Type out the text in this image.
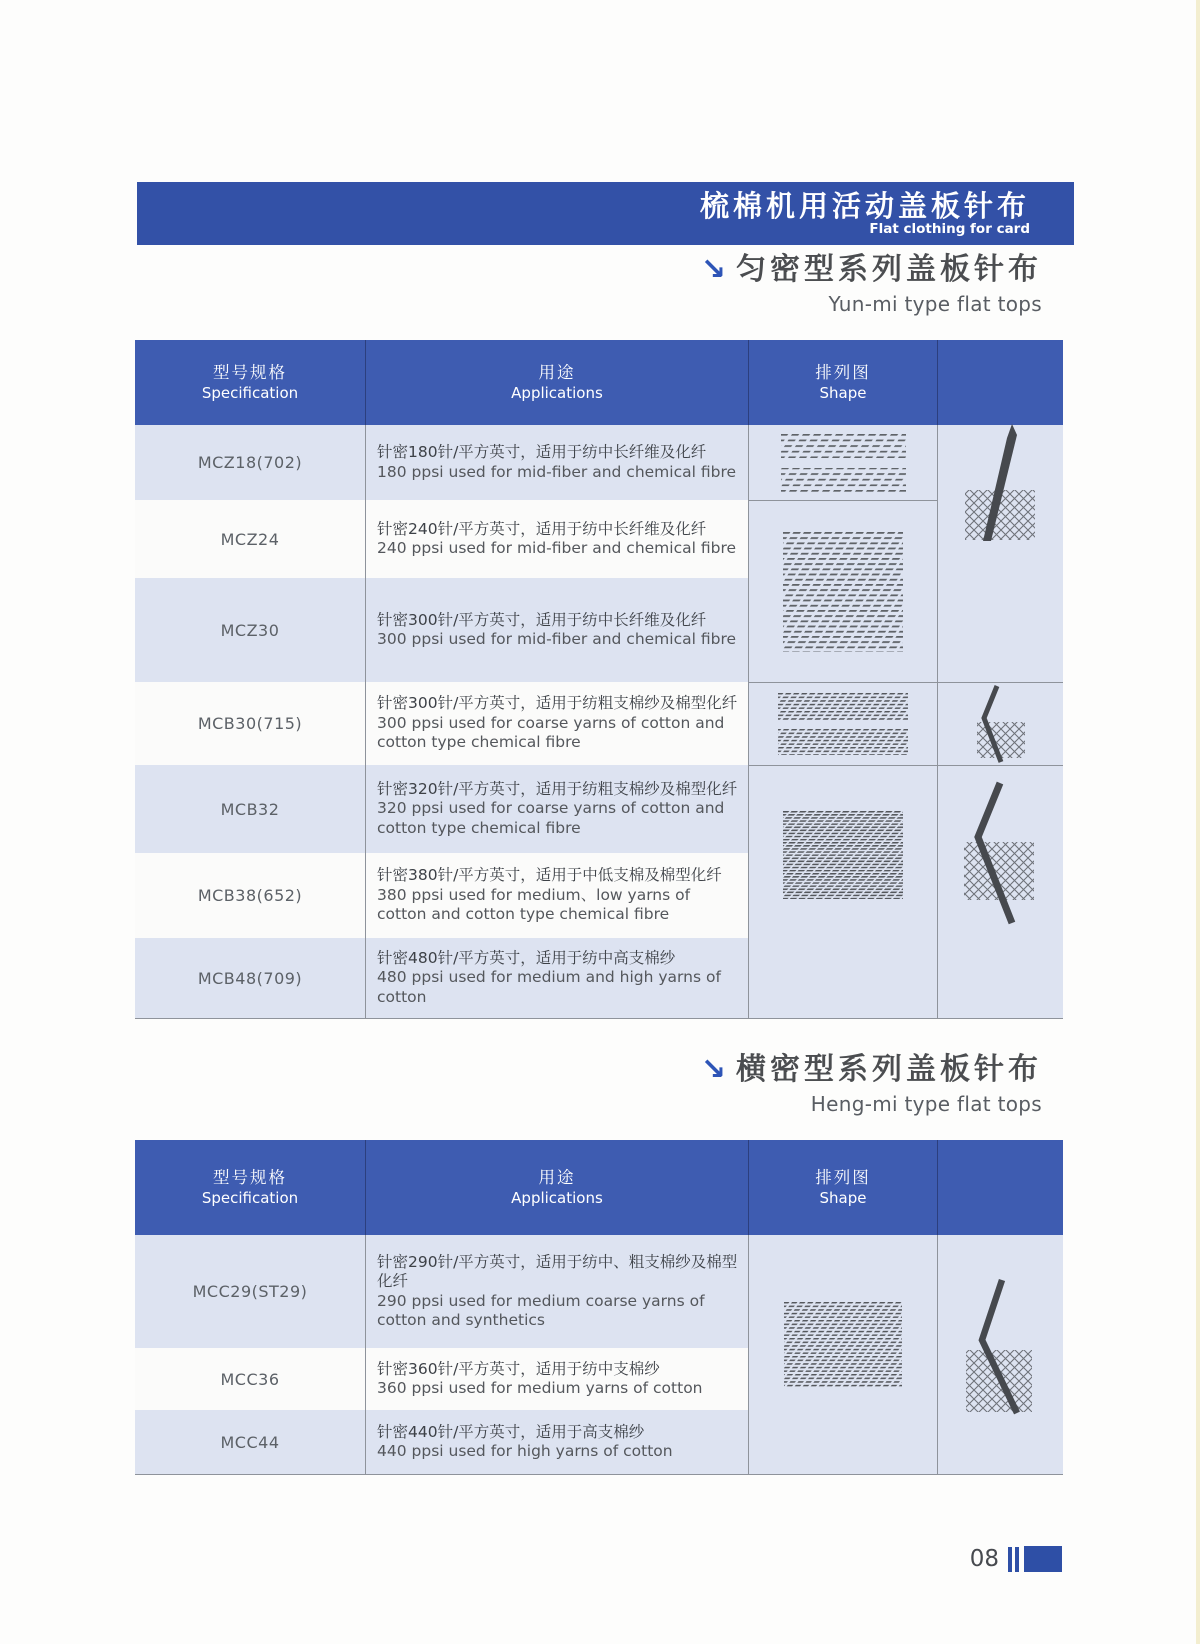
梳棉机用活动盖板针布
Flat clothing for card
↘ 匀密型系列盖板针布
Yun-mi type flat tops
型号规格
Specification
用途
Applications
排列图
Shape
MCZ18(702)
针密180针/平方英寸，适用于纺中长纤维及化纤
180 ppsi used for mid-fiber and chemical fibre
MCZ24
针密240针/平方英寸，适用于纺中长纤维及化纤
240 ppsi used for mid-fiber and chemical fibre
MCZ30
针密300针/平方英寸，适用于纺中长纤维及化纤
300 ppsi used for mid-fiber and chemical fibre
MCB30(715)
针密300针/平方英寸，适用于纺粗支棉纱及棉型化纤
300 ppsi used for coarse yarns of cotton and cotton type chemical fibre
MCB32
针密320针/平方英寸，适用于纺粗支棉纱及棉型化纤
320 ppsi used for coarse yarns of cotton and cotton type chemical fibre
MCB38(652)
针密380针/平方英寸，适用于中低支棉及棉型化纤
380 ppsi used for medium、low yarns of cotton and cotton type chemical fibre
MCB48(709)
针密480针/平方英寸，适用于纺中高支棉纱
480 ppsi used for medium and high yarns of cotton
↘ 横密型系列盖板针布
Heng-mi type flat tops
型号规格
Specification
用途
Applications
排列图
Shape
MCC29(ST29)
针密290针/平方英寸，适用于纺中、粗支棉纱及棉型化纤
290 ppsi used for medium coarse yarns of cotton and synthetics
MCC36
针密360针/平方英寸，适用于纺中支棉纱
360 ppsi used for medium yarns of cotton
MCC44
针密440针/平方英寸，适用于高支棉纱
440 ppsi used for high yarns of cotton
08
